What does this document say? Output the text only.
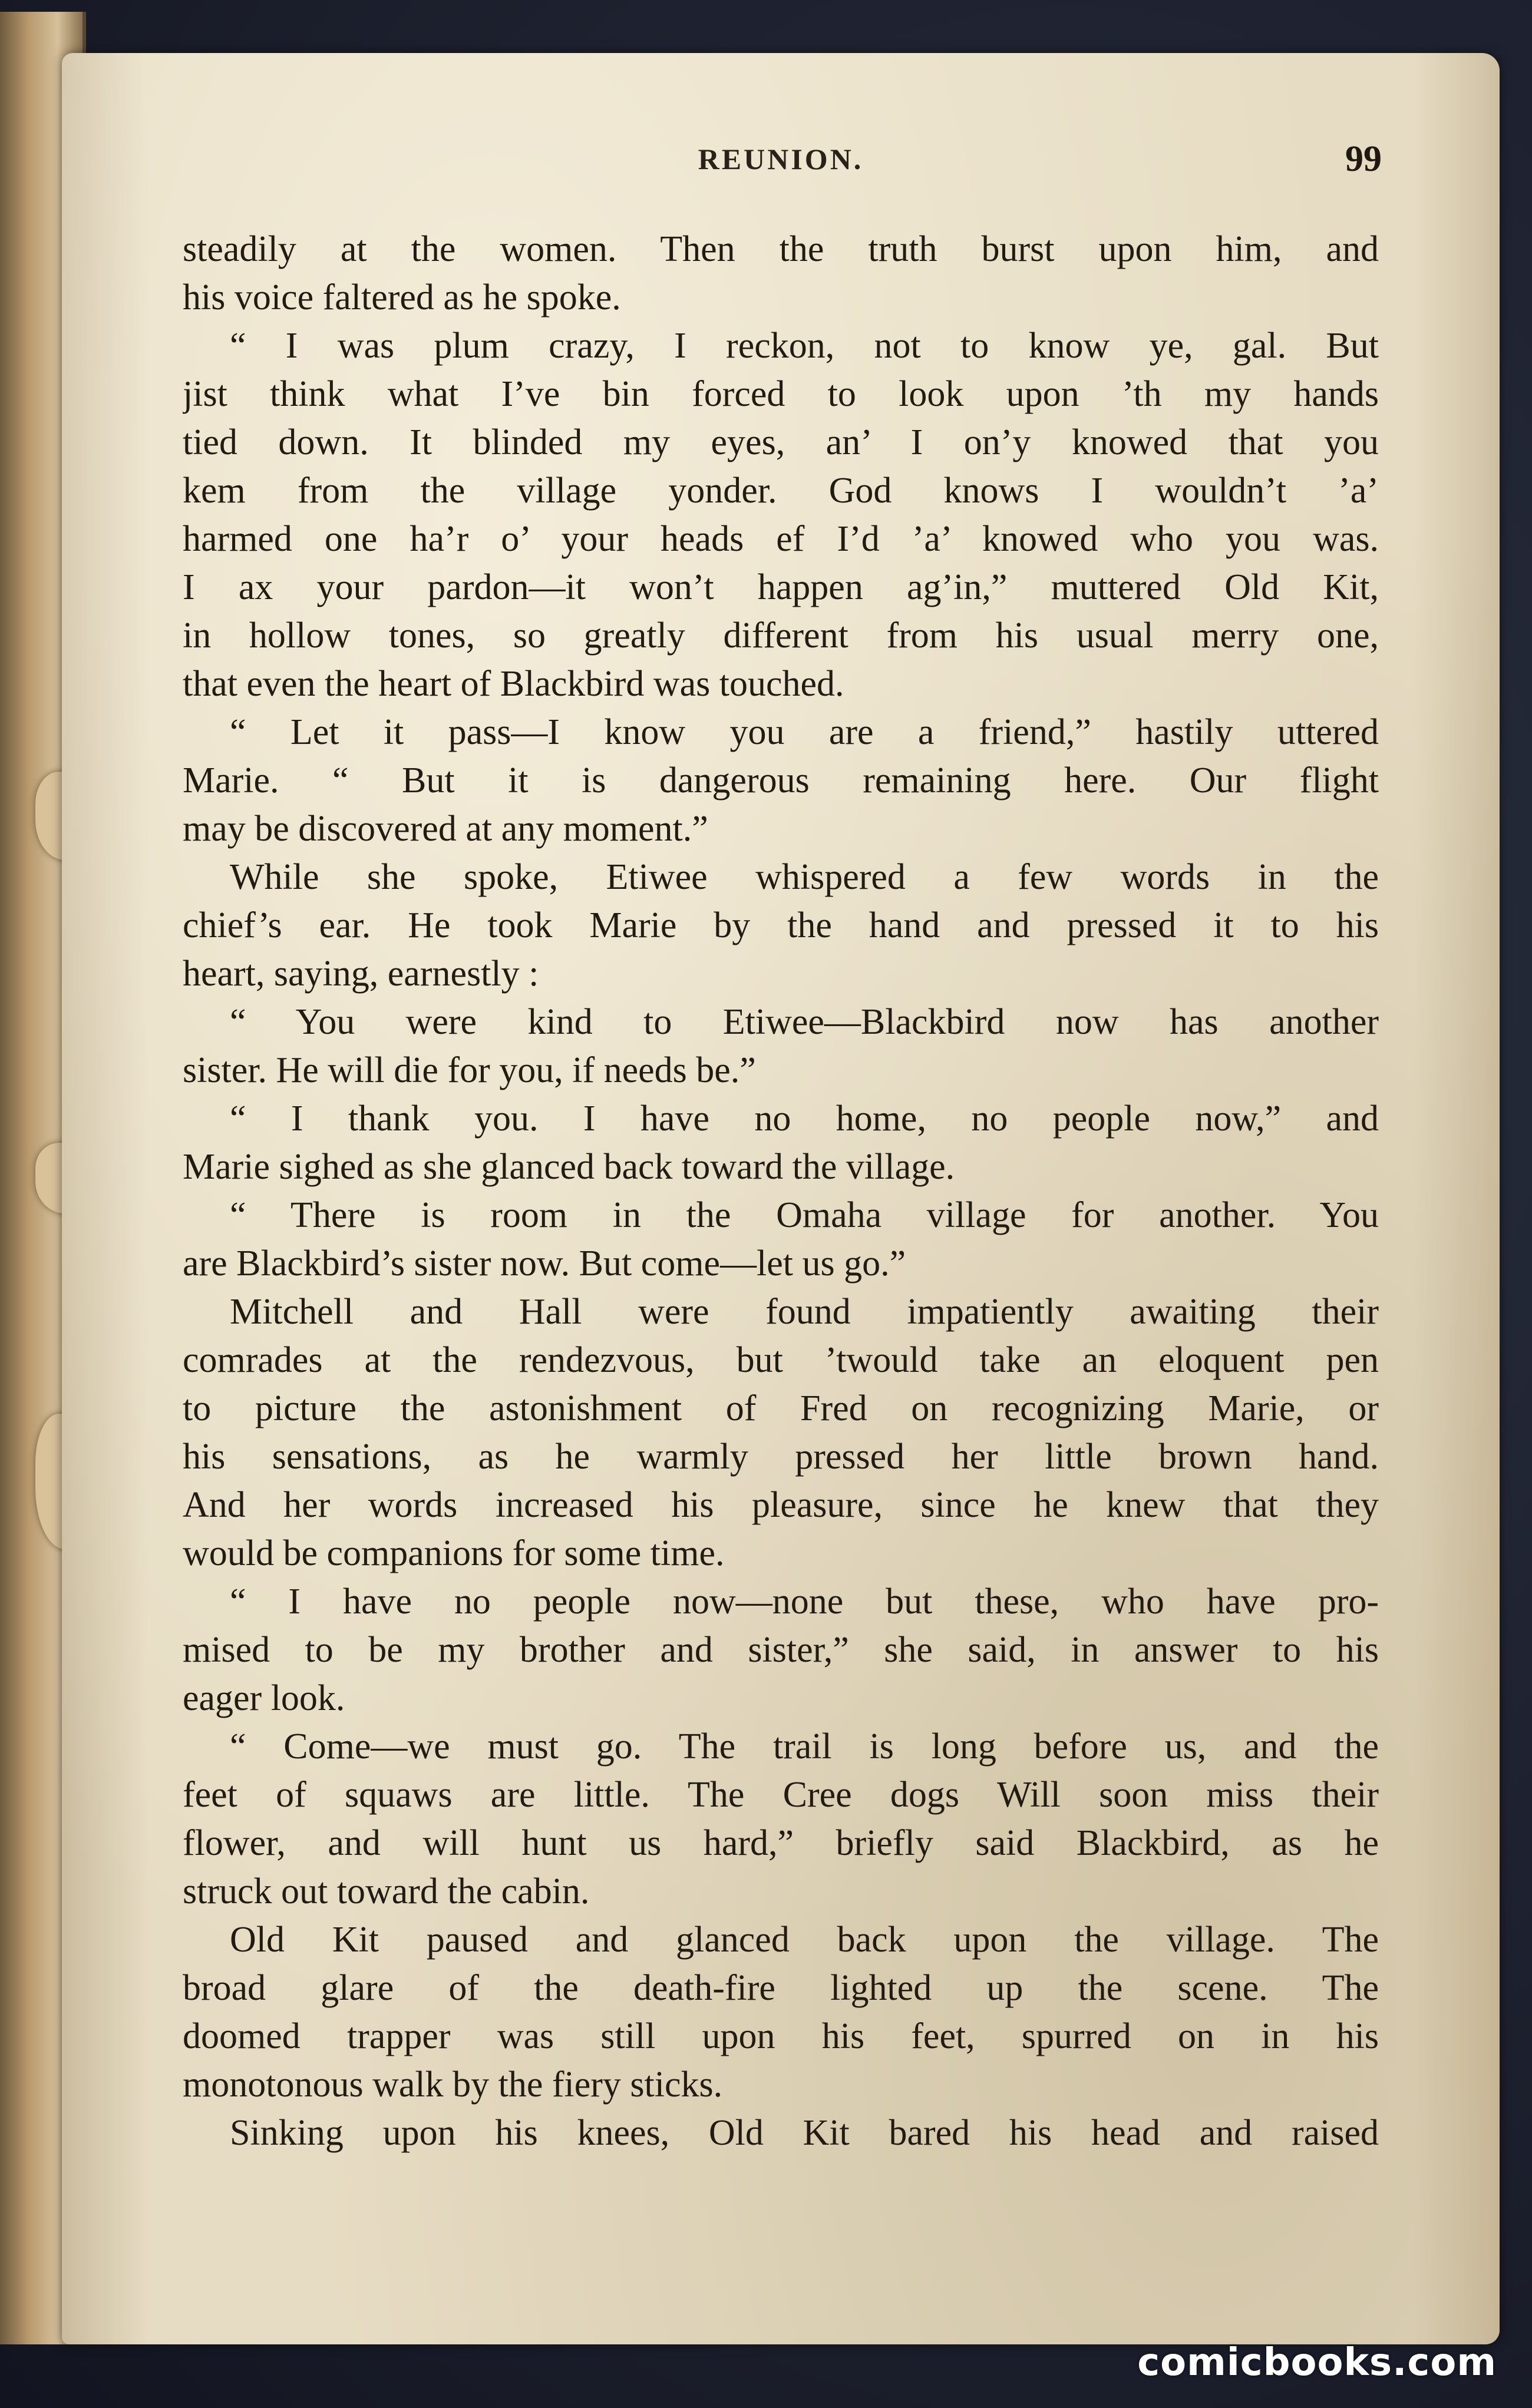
REUNION.	99
steadily at the women. Then the truth burst upon him, and
his voice faltered as he spoke.
“ I was plum crazy, I reckon, not to know ye, gal. But
jist think what I’ve bin forced to look upon ’th my hands
tied down. It blinded my eyes, an’ I on’y knowed that you
kem from the village yonder. God knows I wouldn’t ’a’
harmed one ha’r o’ your heads ef I’d ’a’ knowed who you was.
I ax your pardon—it won’t happen ag’in,” muttered Old Kit,
in hollow tones, so greatly different from his usual merry one,
that even the heart of Blackbird was touched.
“ Let it pass—I know you are a friend,” hastily uttered
Marie. “ But it is dangerous remaining here. Our flight
may be discovered at any moment.”
While she spoke, Etiwee whispered a few words in the
chief’s ear. He took Marie by the hand and pressed it to his
heart, saying, earnestly :
“ You were kind to Etiwee—Blackbird now has another
sister. He will die for you, if needs be.”
“ I thank you. I have no home, no people now,” and
Marie sighed as she glanced back toward the village.
“ There is room in the Omaha village for another. You
are Blackbird’s sister now. But come—let us go.”
Mitchell and Hall were found impatiently awaiting their
comrades at the rendezvous, but ’twould take an eloquent pen
to picture the astonishment of Fred on recognizing Marie, or
his sensations, as he warmly pressed her little brown hand.
And her words increased his pleasure, since he knew that they
would be companions for some time.
“ I have no people now—none but these, who have pro-
mised to be my brother and sister,” she said, in answer to his
eager look.
“ Come—we must go. The trail is long before us, and the
feet of squaws are little. The Cree dogs Will soon miss their
flower, and will hunt us hard,” briefly said Blackbird, as he
struck out toward the cabin.
Old Kit paused and glanced back upon the village. The
broad glare of the death-fire lighted up the scene. The
doomed trapper was still upon his feet, spurred on in his
monotonous walk by the fiery sticks.
Sinking upon his knees, Old Kit bared his head and raised
comicbooks.com
